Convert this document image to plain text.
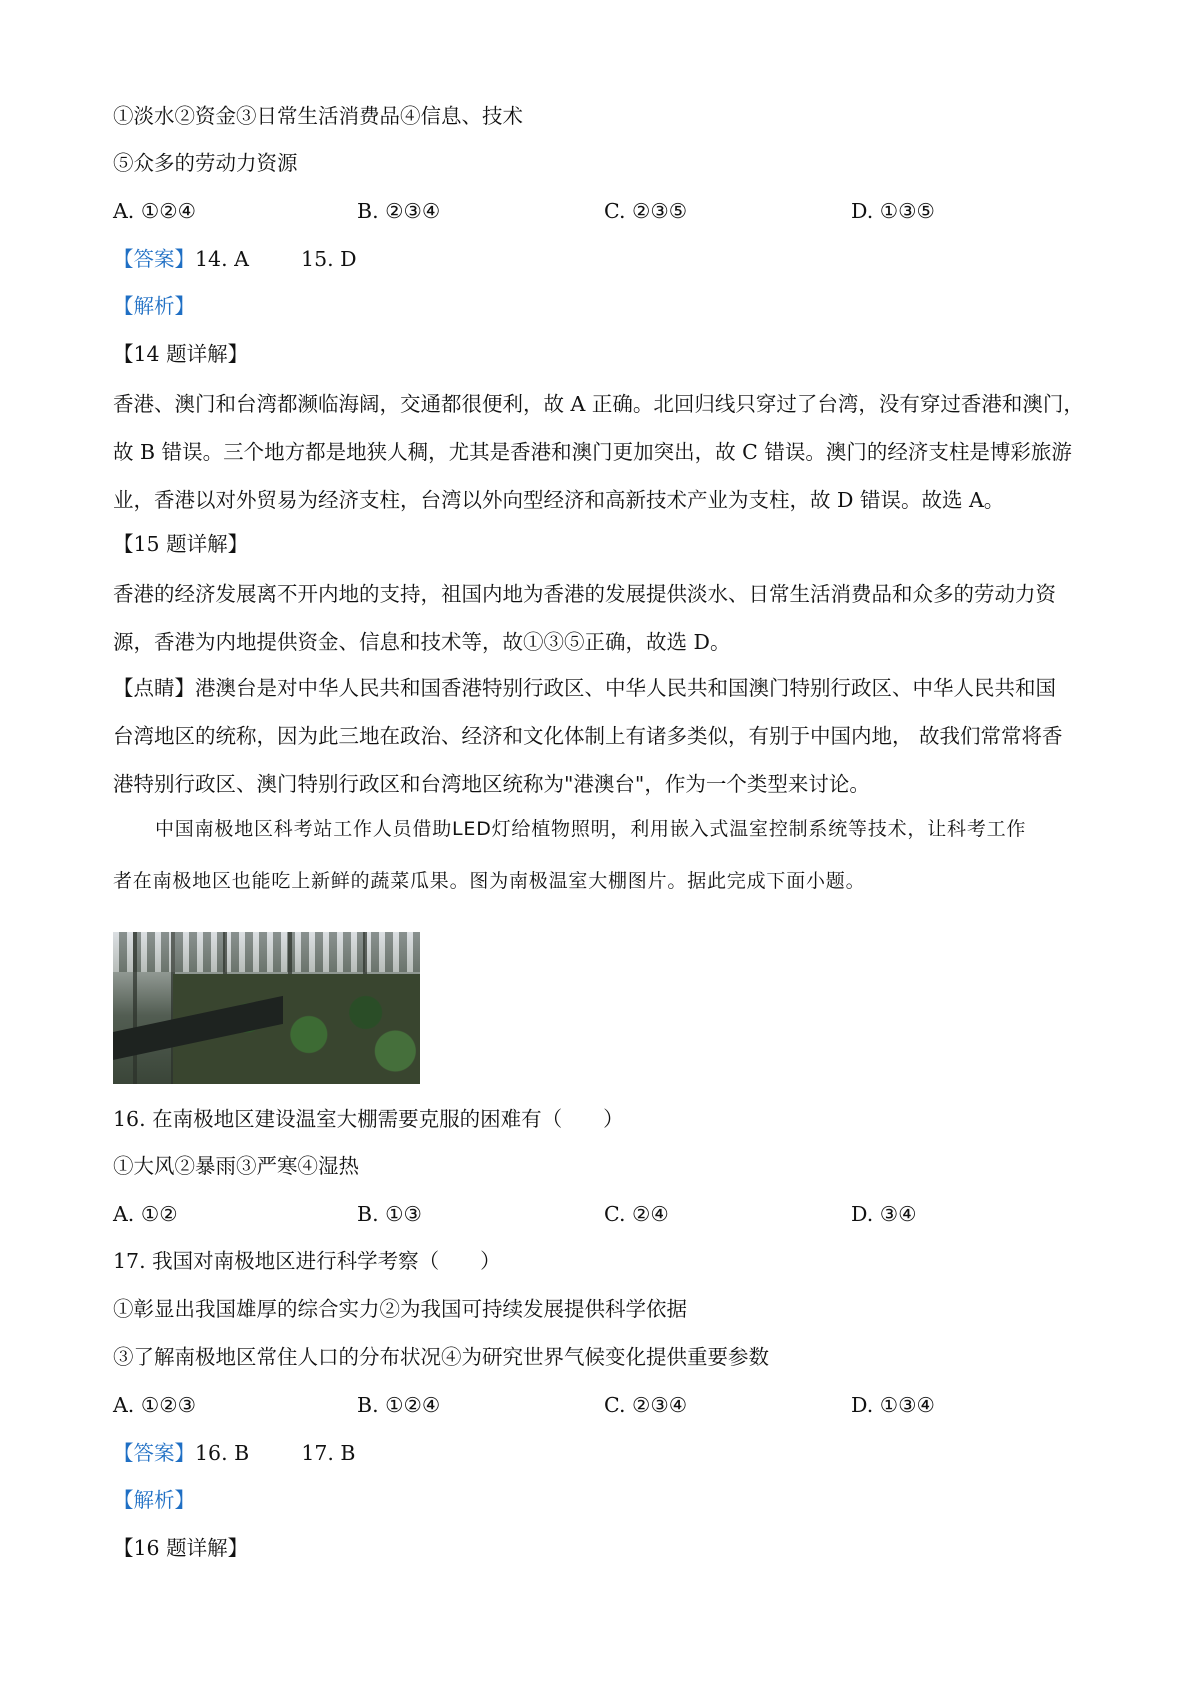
①淡水②资金③日常生活消费品④信息、技术
⑤众多的劳动力资源
A. ①②④	B. ②③④	C. ②③⑤	D. ①③⑤
【答案】14. A        15. D
【解析】
【14 题详解】
香港、澳门和台湾都濒临海阔，交通都很便利，故 A 正确。北回归线只穿过了台湾，没有穿过香港和澳门，
故 B 错误。三个地方都是地狭人稠，尤其是香港和澳门更加突出，故 C 错误。澳门的经济支柱是博彩旅游
业，香港以对外贸易为经济支柱，台湾以外向型经济和高新技术产业为支柱，故 D 错误。故选 A。
【15 题详解】
香港的经济发展离不开内地的支持，祖国内地为香港的发展提供淡水、日常生活消费品和众多的劳动力资
源，香港为内地提供资金、信息和技术等，故①③⑤正确，故选 D。
【点睛】港澳台是对中华人民共和国香港特别行政区、中华人民共和国澳门特别行政区、中华人民共和国
台湾地区的统称，因为此三地在政治、经济和文化体制上有诸多类似，有别于中国内地， 故我们常常将香
港特别行政区、澳门特别行政区和台湾地区统称为"港澳台"，作为一个类型来讨论。
中国南极地区科考站工作人员借助LED灯给植物照明，利用嵌入式温室控制系统等技术，让科考工作
者在南极地区也能吃上新鲜的蔬菜瓜果。图为南极温室大棚图片。据此完成下面小题。
16. 在南极地区建设温室大棚需要克服的困难有（　　）
①大风②暴雨③严寒④湿热
A. ①②	B. ①③	C. ②④	D. ③④
17. 我国对南极地区进行科学考察（　　）
①彰显出我国雄厚的综合实力②为我国可持续发展提供科学依据
③了解南极地区常住人口的分布状况④为研究世界气候变化提供重要参数
A. ①②③	B. ①②④	C. ②③④	D. ①③④
【答案】16. B        17. B
【解析】
【16 题详解】
